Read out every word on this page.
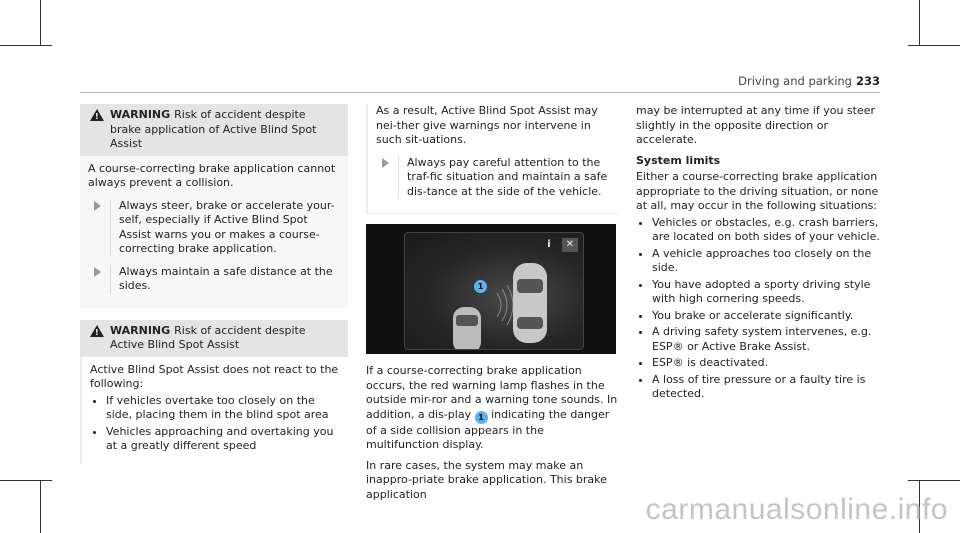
Driving and parking 233
!
WARNING Risk of accident despite brake application of Active Blind Spot Assist

A course-correcting brake application cannot always prevent a collision.

Always steer, brake or accelerate your-self, especially if Active Blind Spot Assist warns you or makes a course-correcting brake application.
Always maintain a safe distance at the sides.
!
WARNING Risk of accident despite Active Blind Spot Assist

Active Blind Spot Assist does not react to the following:

• If vehicles overtake too closely on the side, placing them in the blind spot area
• Vehicles approaching and overtaking you at a greatly different speed

As a result, Active Blind Spot Assist may nei-ther give warnings nor intervene in such sit-uations.

Always pay careful attention to the traf-fic situation and maintain a safe dis-tance at the side of the vehicle.
i	✕
1

If a course-correcting brake application occurs, the red warning lamp flashes in the outside mir-ror and a warning tone sounds. In addition, a dis-play 1 indicating the danger of a side collision appears in the multifunction display.

In rare cases, the system may make an inappro-priate brake application. This brake application

may be interrupted at any time if you steer slightly in the opposite direction or accelerate.

System limits

Either a course-correcting brake application appropriate to the driving situation, or none at all, may occur in the following situations:

• Vehicles or obstacles, e.g. crash barriers, are located on both sides of your vehicle.
• A vehicle approaches too closely on the side.
• You have adopted a sporty driving style with high cornering speeds.
• You brake or accelerate significantly.
• A driving safety system intervenes, e.g. ESP® or Active Brake Assist.
• ESP® is deactivated.
• A loss of tire pressure or a faulty tire is detected.
carmanualsonline.info
